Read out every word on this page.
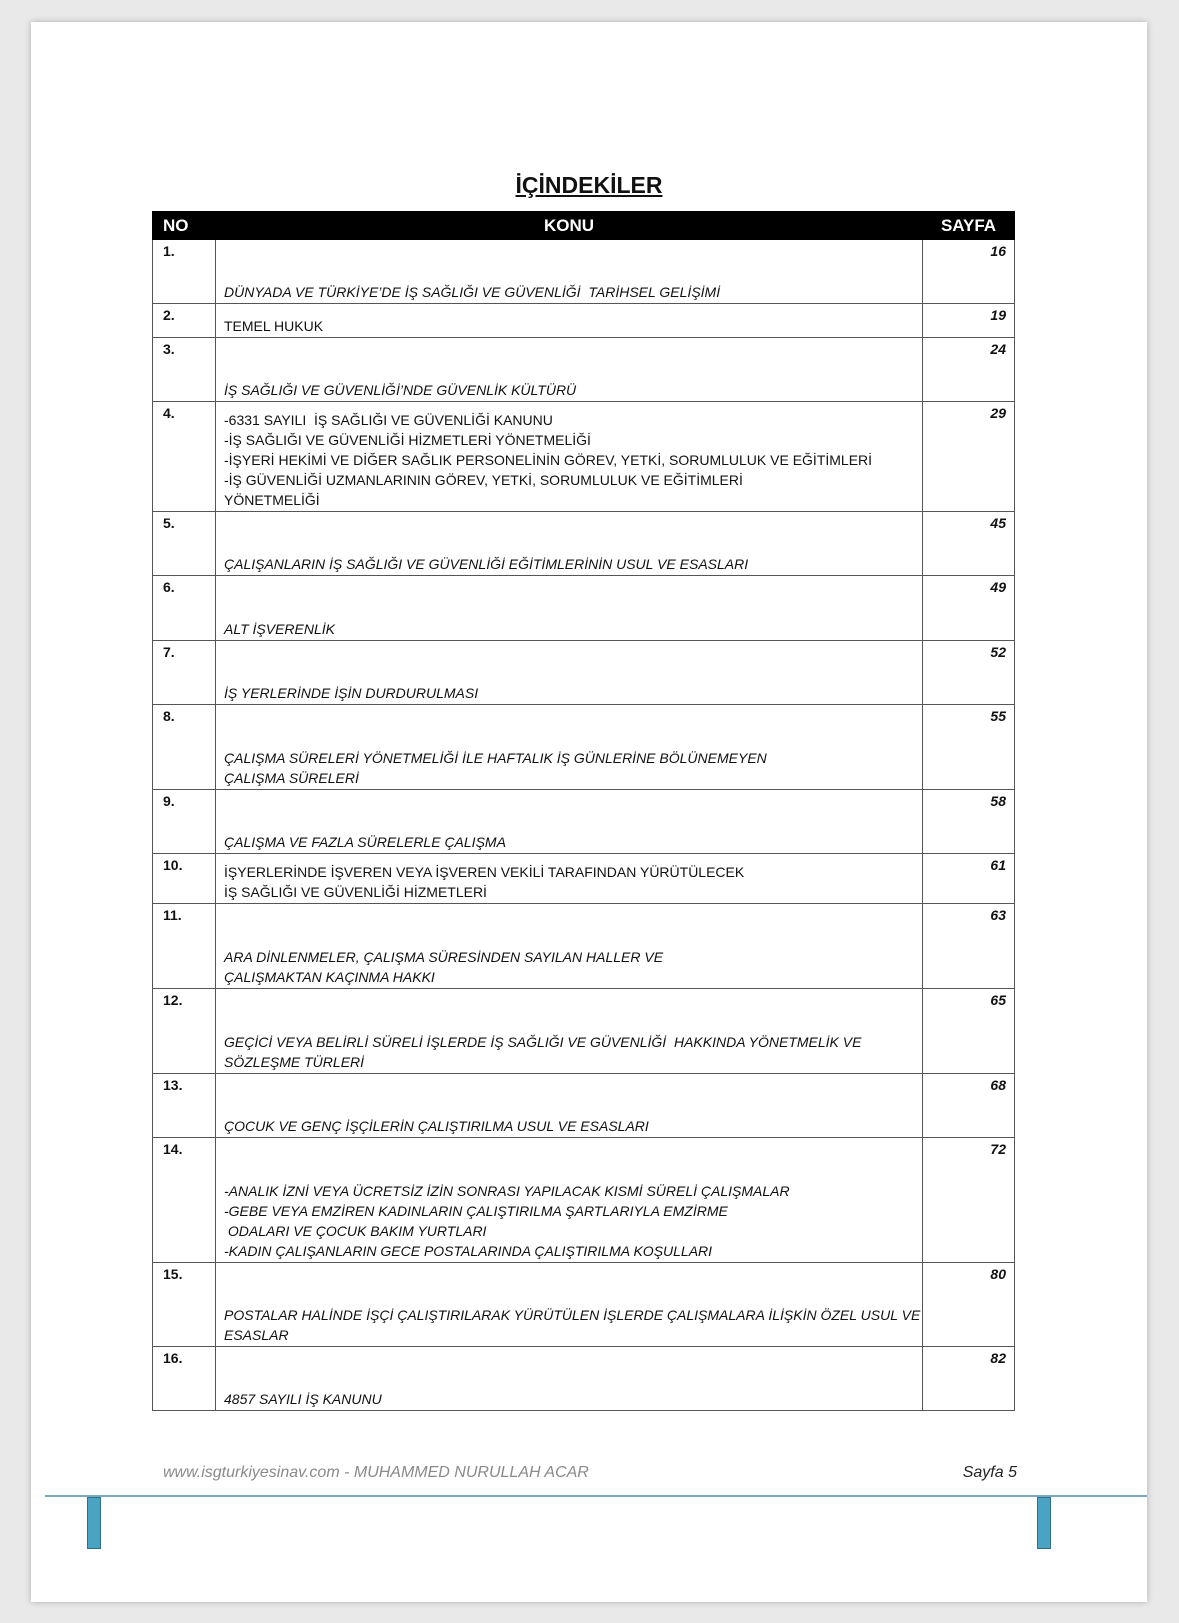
İÇİNDEKİLER
NO	KONU	SAYFA
1.	DÜNYADA VE TÜRKİYE’DE İŞ SAĞLIĞI VE GÜVENLİĞİ  TARİHSEL GELİŞİMİ	16
2.	TEMEL HUKUK	19
3.	İŞ SAĞLIĞI VE GÜVENLİĞİ’NDE GÜVENLİK KÜLTÜRÜ	24
4.	-6331 SAYILI  İŞ SAĞLIĞI VE GÜVENLİĞİ KANUNU
-İŞ SAĞLIĞI VE GÜVENLİĞİ HİZMETLERİ YÖNETMELİĞİ
-İŞYERİ HEKİMİ VE DİĞER SAĞLIK PERSONELİNİN GÖREV, YETKİ, SORUMLULUK VE EĞİTİMLERİ
-İŞ GÜVENLİĞİ UZMANLARININ GÖREV, YETKİ, SORUMLULUK VE EĞİTİMLERİ
YÖNETMELİĞİ	29
5.	ÇALIŞANLARIN İŞ SAĞLIĞI VE GÜVENLİĞİ EĞİTİMLERİNİN USUL VE ESASLARI	45
6.	ALT İŞVERENLİK	49
7.	İŞ YERLERİNDE İŞİN DURDURULMASI	52
8.	ÇALIŞMA SÜRELERİ YÖNETMELİĞİ İLE HAFTALIK İŞ GÜNLERİNE BÖLÜNEMEYEN
ÇALIŞMA SÜRELERİ	55
9.	ÇALIŞMA VE FAZLA SÜRELERLE ÇALIŞMA	58
10.	İŞYERLERİNDE İŞVEREN VEYA İŞVEREN VEKİLİ TARAFINDAN YÜRÜTÜLECEK
İŞ SAĞLIĞI VE GÜVENLİĞİ HİZMETLERİ	61
11.	ARA DİNLENMELER, ÇALIŞMA SÜRESİNDEN SAYILAN HALLER VE
ÇALIŞMAKTAN KAÇINMA HAKKI	63
12.	GEÇİCİ VEYA BELİRLİ SÜRELİ İŞLERDE İŞ SAĞLIĞI VE GÜVENLİĞİ  HAKKINDA YÖNETMELİK VE
SÖZLEŞME TÜRLERİ	65
13.	ÇOCUK VE GENÇ İŞÇİLERİN ÇALIŞTIRILMA USUL VE ESASLARI	68
14.	-ANALIK İZNİ VEYA ÜCRETSİZ İZİN SONRASI YAPILACAK KISMİ SÜRELİ ÇALIŞMALAR
-GEBE VEYA EMZİREN KADINLARIN ÇALIŞTIRILMA ŞARTLARIYLA EMZİRME
ODALARI VE ÇOCUK BAKIM YURTLARI
-KADIN ÇALIŞANLARIN GECE POSTALARINDA ÇALIŞTIRILMA KOŞULLARI	72
15.	POSTALAR HALİNDE İŞÇİ ÇALIŞTIRILARAK YÜRÜTÜLEN İŞLERDE ÇALIŞMALARA İLİŞKİN ÖZEL USUL VE
ESASLAR	80
16.	4857 SAYILI İŞ KANUNU	82
www.isgturkiyesinav.com - MUHAMMED NURULLAH ACAR	Sayfa 5
